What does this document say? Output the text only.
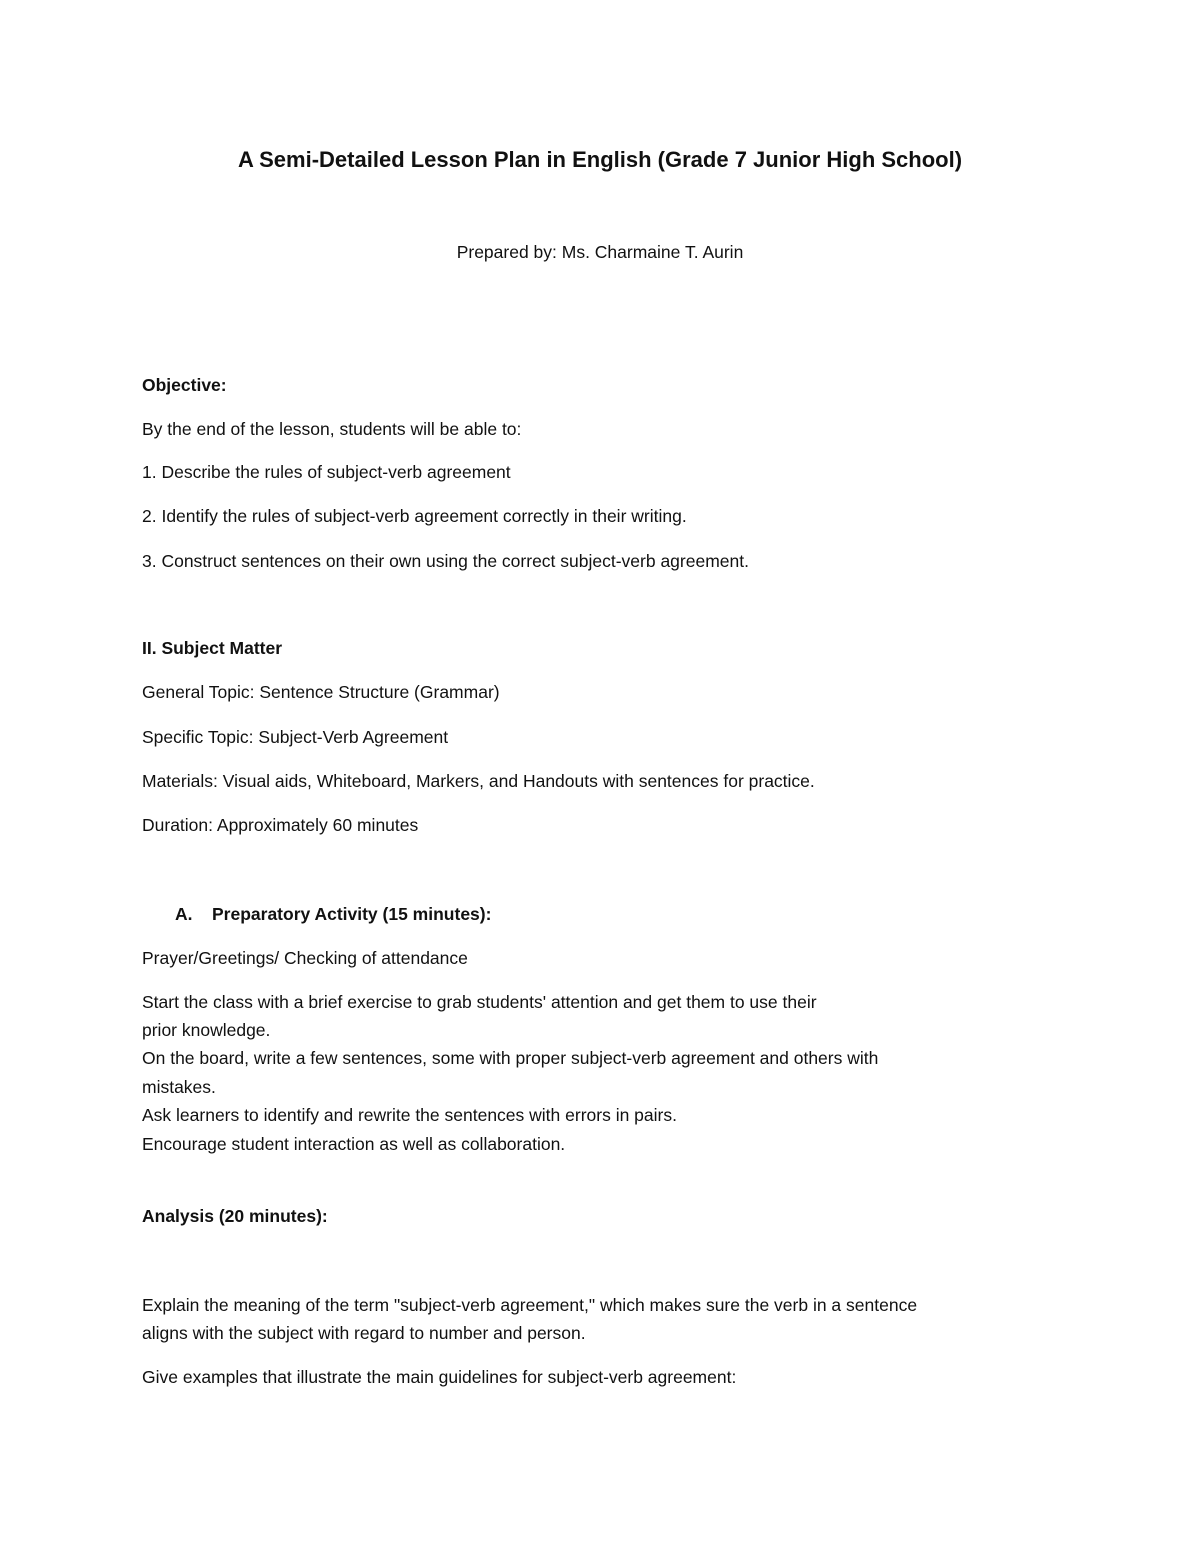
A Semi-Detailed Lesson Plan in English (Grade 7 Junior High School)

Prepared by: Ms. Charmaine T. Aurin

Objective:

By the end of the lesson, students will be able to:

1. Describe the rules of subject-verb agreement

2. Identify the rules of subject-verb agreement correctly in their writing.

3. Construct sentences on their own using the correct subject-verb agreement.

II. Subject Matter

General Topic: Sentence Structure (Grammar)

Specific Topic: Subject-Verb Agreement

Materials: Visual aids, Whiteboard, Markers, and Handouts with sentences for practice.

Duration: Approximately 60 minutes

A. Preparatory Activity (15 minutes):

Prayer/Greetings/ Checking of attendance

Start the class with a brief exercise to grab students' attention and get them to use their

prior knowledge.

On the board, write a few sentences, some with proper subject-verb agreement and others with

mistakes.

Ask learners to identify and rewrite the sentences with errors in pairs.

Encourage student interaction as well as collaboration.

Analysis (20 minutes):

Explain the meaning of the term "subject-verb agreement," which makes sure the verb in a sentence

aligns with the subject with regard to number and person.

Give examples that illustrate the main guidelines for subject-verb agreement:
